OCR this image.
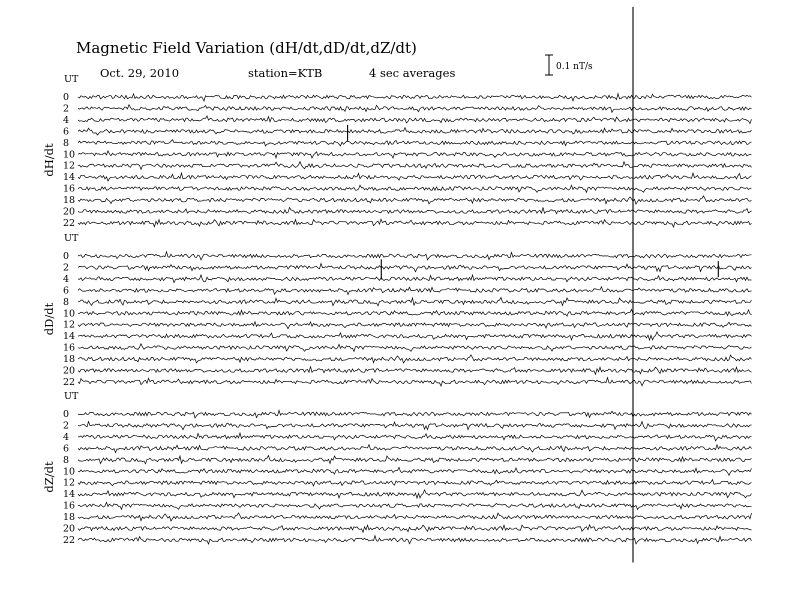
Magnetic Field Variation (dH/dt,dD/dt,dZ/dt)
Oct. 29, 2010	station=KTB	4 sec averages	0.1 nT/s
UT
dH/dt
0
2
4
6
8
10
12
14
16
18
20
22
UT
dD/dt
0
2
4
6
8
10
12
14
16
18
20
22
UT
dZ/dt
0
2
4
6
8
10
12
14
16
18
20
22
